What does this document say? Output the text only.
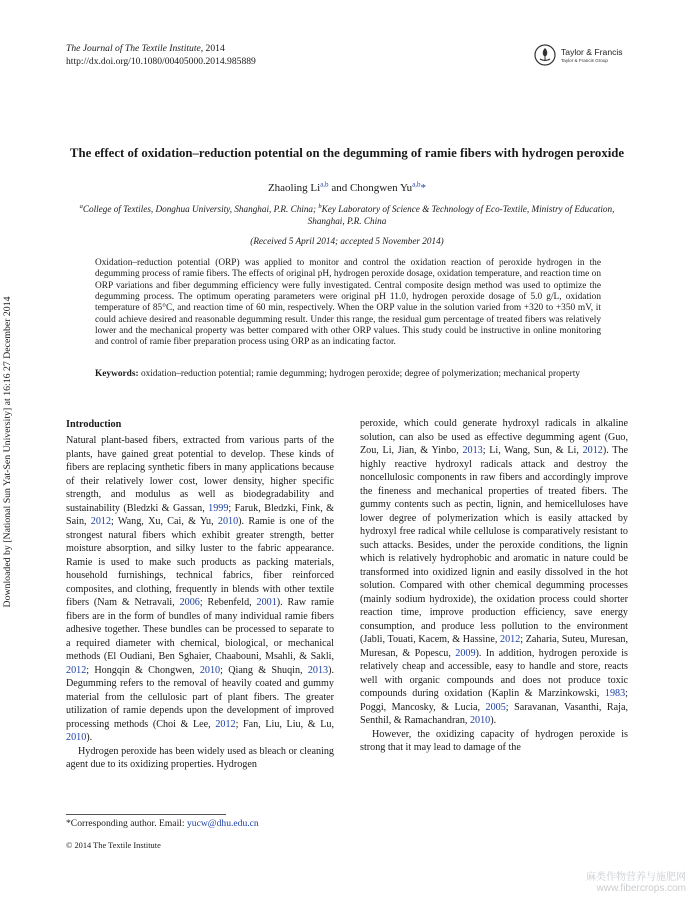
The Journal of The Textile Institute, 2014
http://dx.doi.org/10.1080/00405000.2014.985889
Taylor & Francis
Taylor & Francis Group
Downloaded by [National Sun Yat-Sen University] at 16:16 27 December 2014
The effect of oxidation–reduction potential on the degumming of ramie fibers with hydrogen peroxide
Zhaoling Li$^{a,b}$ and Chongwen Yu$^{a,b}$*
$^a$College of Textiles, Donghua University, Shanghai, P.R. China; $^b$Key Laboratory of Science & Technology of Eco-Textile, Ministry of Education, Shanghai, P.R. China
(Received 5 April 2014; accepted 5 November 2014)
Oxidation–reduction potential (ORP) was applied to monitor and control the oxidation reaction of peroxide hydrogen in the degumming process of ramie fibers. The effects of original pH, hydrogen peroxide dosage, oxidation temperature, and reaction time on ORP variations and fiber degumming efficiency were fully investigated. Central composite design method was used to optimize the degumming process. The optimum operating parameters were original pH 11.0, hydrogen peroxide dosage of 5.0 g/L, oxidation temperature of 85°C, and reaction time of 60 min, respectively. When the ORP value in the solution varied from +320 to +350 mV, it could achieve desired and reasonable degumming result. Under this range, the residual gum percentage of treated fibers was relatively lower and the mechanical property was better compared with other ORP values. This study could be instructive in online monitoring and control of ramie fiber preparation process using ORP as an indicating factor.
Keywords: oxidation–reduction potential; ramie degumming; hydrogen peroxide; degree of polymerization; mechanical property
Introduction

Natural plant-based fibers, extracted from various parts of the plants, have gained great potential to develop. These kinds of fibers are replacing synthetic fibers in many applications because of their relatively lower cost, lower density, higher specific strength, and modulus as well as biodegradability and sustainability (Bledzki & Gassan, 1999; Faruk, Bledzki, Fink, & Sain, 2012; Wang, Xu, Cai, & Yu, 2010). Ramie is one of the strongest natural fibers which exhibit greater strength, better moisture absorption, and silky luster to the fabric appearance. Ramie is used to make such products as packing materials, household furnishings, technical fabrics, fiber reinforced composites, and clothing, frequently in blends with other textile fibers (Nam & Netravali, 2006; Rebenfeld, 2001). Raw ramie fibers are in the form of bundles of many individual ramie fibers adhesive together. These bundles can be processed to separate to a required diameter with chemical, biological, or mechanical methods (El Oudiani, Ben Sghaier, Chaabouni, Msahli, & Sakli, 2012; Hongqin & Chongwen, 2010; Qiang & Shuqin, 2013). Degumming refers to the removal of heavily coated and gummy material from the cellulosic part of plant fibers. The greater utilization of ramie depends upon the development of improved processing methods (Choi & Lee, 2012; Fan, Liu, Liu, & Lu, 2010).

Hydrogen peroxide has been widely used as bleach or cleaning agent due to its oxidizing properties. Hydrogen

peroxide, which could generate hydroxyl radicals in alkaline solution, can also be used as effective degumming agent (Guo, Zou, Li, Jian, & Yinbo, 2013; Li, Wang, Sun, & Li, 2012). The highly reactive hydroxyl radicals attack and destroy the noncellulosic components in raw fibers and accordingly improve the fineness and mechanical properties of treated fibers. The gummy contents such as pectin, lignin, and hemicelluloses have lower degree of polymerization which is easily attacked by hydroxyl free radical while cellulose is comparatively resistant to such attacks. Besides, under the peroxide conditions, the lignin which is relatively hydrophobic and aromatic in nature could be transformed into oxidized lignin and easily dissolved in the hot solution. Compared with other chemical degumming processes (mainly sodium hydroxide), the oxidation process could shorter reaction time, improve production efficiency, save energy consumption, and produce less pollution to the environment (Jabli, Touati, Kacem, & Hassine, 2012; Zaharia, Suteu, Muresan, Muresan, & Popescu, 2009). In addition, hydrogen peroxide is relatively cheap and accessible, easy to handle and store, reacts well with organic compounds and does not produce toxic compounds during oxidation (Kaplin & Marzinkowski, 1983; Poggi, Mancosky, & Lucia, 2005; Saravanan, Vasanthi, Raja, Senthil, & Ramachandran, 2010).

However, the oxidizing capacity of hydrogen peroxide is strong that it may lead to damage of the

*Corresponding author. Email: yucw@dhu.edu.cn
© 2014 The Textile Institute
麻类作物营养与施肥网
www.fibercrops.com
